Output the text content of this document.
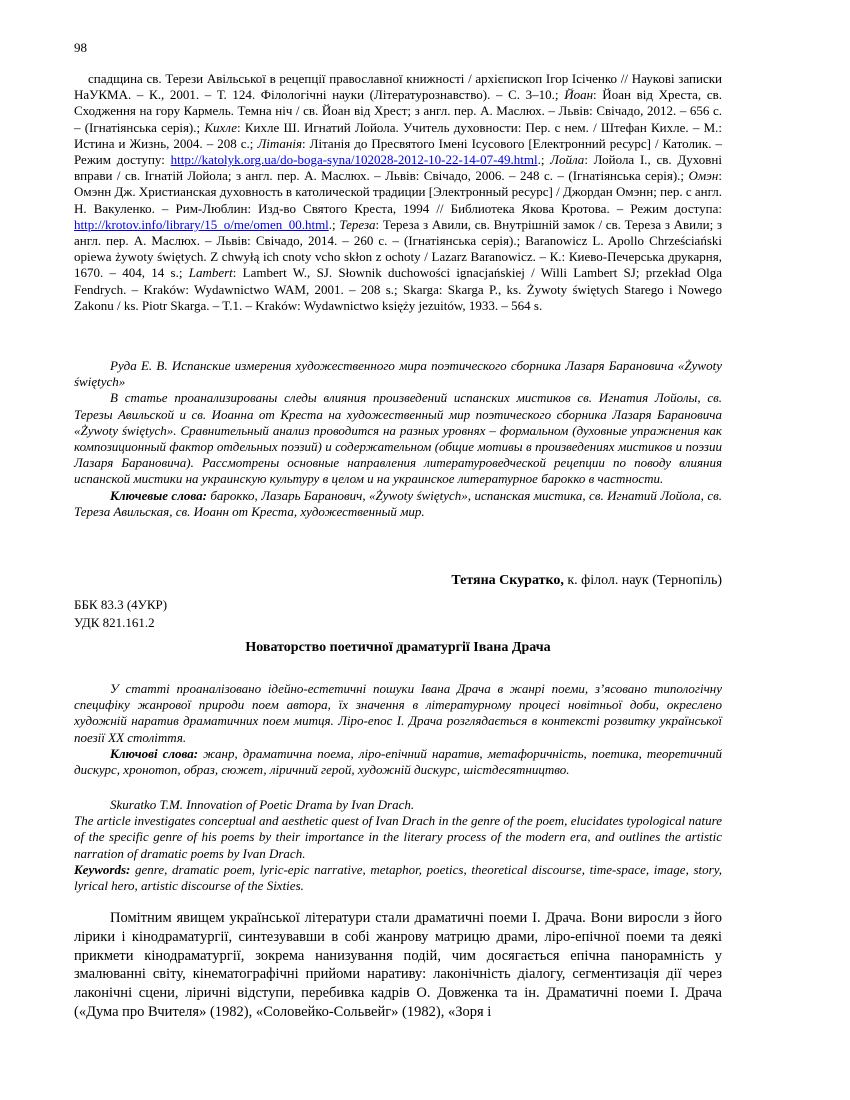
98

спадщина св. Терези Авільської в рецепції православної книжності / архієпископ Ігор Ісіченко // Наукові записки НаУКМА. – К., 2001. – Т. 124. Філологічні науки (Літературознавство). – С. 3–10.; Йоан: Йоан від Хреста, св. Сходження на гору Кармель. Темна ніч / св. Йоан від Хрест; з англ. пер. А. Маслюх. – Львів: Свічадо, 2012. – 656 с. – (Ігнатіянська серія).; Кихле: Кихле Ш. Игнатий Лойола. Учитель духовности: Пер. с нем. / Штефан Кихле. – М.: Истина и Жизнь, 2004. – 208 с.; Літанія: Літанія до Пресвятого Імені Ісусового [Електронний ресурс] / Католик. – Режим доступу: http://katolyk.org.ua/do-boga-syna/102028-2012-10-22-14-07-49.html.; Лойла: Лойола І., св. Духовні вправи / св. Ігнатій Лойола; з англ. пер. А. Маслюх. – Львів: Свічадо, 2006. – 248 с. – (Ігнатіянська серія).; Омэн: Омэнн Дж. Христианская духовность в католической традиции [Электронный ресурс] / Джордан Омэнн; пер. с англ. Н. Вакуленко. – Рим-Люблин: Изд-во Святого Креста, 1994 // Библиотека Якова Кротова. – Режим доступа: http://krotov.info/library/15_o/me/omen_00.html.; Тереза: Тереза з Авили, св. Внутрішній замок / св. Тереза з Авили; з англ. пер. А. Маслюх. – Львів: Свічадо, 2014. – 260 с. – (Ігнатіянська серія).; Baranowicz L. Apollo Chrześciański opiewa żywoty świętych. Z chwyłą ich cnoty vcho skłon z ochoty / Lazarz Baranowicz. – К.: Киево-Печерська друкарня, 1670. – 404, 14 s.; Lambert: Lambert W., SJ. Słownik duchowości ignacjańskiej / Willi Lambert SJ; przekład Olga Fendrych. – Kraków: Wydawnictwo WAM, 2001. – 208 s.; Skarga: Skarga P., ks. Żywoty świętych Starego i Nowego Zakonu / ks. Piotr Skarga. – T.1. – Kraków: Wydawnictwo księży jezuitów, 1933. – 564 s.

Руда Е. В. Испанские измерения художественного мира поэтического сборника Лазаря Барановича «Żywoty świętych»

В статье проанализированы следы влияния произведений испанских мистиков св. Игнатия Лойолы, св. Терезы Авильской и св. Иоанна от Креста на художественный мир поэтического сборника Лазаря Барановича «Żywoty świętych». Сравнительный анализ проводится на разных уровнях – формальном (духовные упражнения как композиционный фактор отдельных поэзий) и содержательном (общие мотивы в произведениях мистиков и поэзии Лазаря Барановича). Рассмотрены основные направления литературоведческой рецепции по поводу влияния испанской мистики на украинскую культуру в целом и на украинское литературное барокко в частности.

Ключевые слова: барокко, Лазарь Баранович, «Żywoty świętych», испанская мистика, св. Игнатий Лойола, св. Тереза Авильская, св. Иоанн от Креста, художественный мир.

Тетяна Скуратко, к. філол. наук (Тернопіль)
ББК 83.3 (4УКР)
УДК 821.161.2
Новаторство поетичної драматургії Івана Драча

У статті проаналізовано ідейно-естетичні пошуки Івана Драча в жанрі поеми, з’ясовано типологічну специфіку жанрової природи поем автора, їх значення в літературному процесі новітньої доби, окреслено художній наратив драматичних поем митця. Ліро-епос І. Драча розглядається в контексті розвитку української поезії ХХ століття.

Ключові слова: жанр, драматична поема, ліро-епічний наратив, метафоричність, поетика, теоретичний дискурс, хронотоп, образ, сюжет, ліричний герой, художній дискурс, шістдесятництво.

Skuratko T.M. Innovation of Poetic Drama by Ivan Drach.

The article investigates conceptual and aesthetic quest of Ivan Drach in the genre of the poem, elucidates typological nature of the specific genre of his poems by their importance in the literary process of the modern era, and outlines the artistic narration of dramatic poems by Ivan Drach.

Keywords: genre, dramatic poem, lyric-epic narrative, metaphor, poetics, theoretical discourse, time-space, image, story, lyrical hero, artistic discourse of the Sixties.

Помітним явищем української літератури стали драматичні поеми І. Драча. Вони виросли з його лірики і кінодраматургії, синтезувавши в собі жанрову матрицю драми, ліро-епічної поеми та деякі прикмети кінодраматургії, зокрема нанизування подій, чим досягається епічна панорамність у змалюванні світу, кінематографічні прийоми наративу: лаконічність діалогу, сегментизація дії через лаконічні сцени, ліричні відступи, перебивка кадрів О. Довженка та ін. Драматичні поеми І. Драча («Дума про Вчителя» (1982), «Соловейко-Сольвейг» (1982), «Зоря і
